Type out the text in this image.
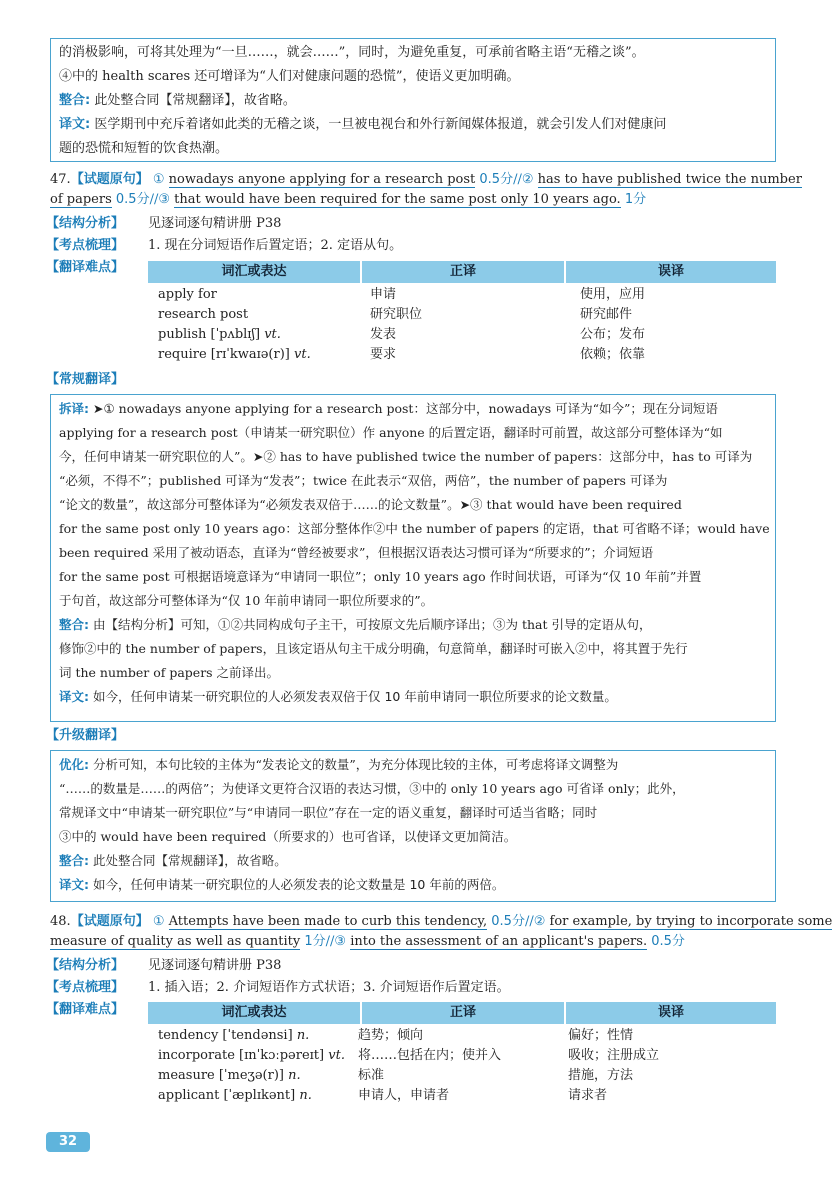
的消极影响，可将其处理为“一旦……，就会……”，同时，为避免重复，可承前省略主语“无稽之谈”。
④中的 health scares 还可增译为“人们对健康问题的恐慌”，使语义更加明确。
整合: 此处整合同【常规翻译】，故省略。
译文: 医学期刊中充斥着诸如此类的无稽之谈，一旦被电视台和外行新闻媒体报道，就会引发人们对健康问
题的恐慌和短暂的饮食热潮。
47.【试题原句】 ① nowadays anyone applying for a research post 0.5分//② has to have published twice the number
of papers 0.5分//③ that would have been required for the same post only 10 years ago. 1分
【结构分析】 见逐词逐句精讲册 P38
【考点梳理】 1. 现在分词短语作后置定语；2. 定语从句。
【翻译难点】	词汇或表达	正译	误译
apply for	申请	使用，应用
research post	研究职位	研究邮件
publish [ˈpʌblɪʃ] vt.	发表	公布；发布
require [rɪˈkwaɪə(r)] vt.	要求	依赖；依靠
【常规翻译】
拆译: ➤① nowadays anyone applying for a research post：这部分中，nowadays 可译为“如今”；现在分词短语
applying for a research post（申请某一研究职位）作 anyone 的后置定语，翻译时可前置，故这部分可整体译为“如
今，任何申请某一研究职位的人”。➤② has to have published twice the number of papers：这部分中，has to 可译为
“必须，不得不”；published 可译为“发表”；twice 在此表示“双倍，两倍”，the number of papers 可译为
“论文的数量”，故这部分可整体译为“必须发表双倍于……的论文数量”。➤③ that would have been required
for the same post only 10 years ago：这部分整体作②中 the number of papers 的定语，that 可省略不译；would have
been required 采用了被动语态，直译为“曾经被要求”，但根据汉语表达习惯可译为“所要求的”；介词短语
for the same post 可根据语境意译为“申请同一职位”；only 10 years ago 作时间状语，可译为“仅 10 年前”并置
于句首，故这部分可整体译为“仅 10 年前申请同一职位所要求的”。
整合: 由【结构分析】可知，①②共同构成句子主干，可按原文先后顺序译出；③为 that 引导的定语从句，
修饰②中的 the number of papers，且该定语从句主干成分明确，句意简单，翻译时可嵌入②中，将其置于先行
词 the number of papers 之前译出。
译文: 如今，任何申请某一研究职位的人必须发表双倍于仅 10 年前申请同一职位所要求的论文数量。
【升级翻译】
优化: 分析可知，本句比较的主体为“发表论文的数量”，为充分体现比较的主体，可考虑将译文调整为
“……的数量是……的两倍”；为使译文更符合汉语的表达习惯，③中的 only 10 years ago 可省译 only；此外，
常规译文中“申请某一研究职位”与“申请同一职位”存在一定的语义重复，翻译时可适当省略；同时
③中的 would have been required（所要求的）也可省译，以使译文更加简洁。
整合: 此处整合同【常规翻译】，故省略。
译文: 如今，任何申请某一研究职位的人必须发表的论文数量是 10 年前的两倍。
48.【试题原句】 ① Attempts have been made to curb this tendency, 0.5分//② for example, by trying to incorporate some
measure of quality as well as quantity 1分//③ into the assessment of an applicant's papers. 0.5分
【结构分析】 见逐词逐句精讲册 P38
【考点梳理】 1. 插入语；2. 介词短语作方式状语；3. 介词短语作后置定语。
【翻译难点】	词汇或表达	正译	误译
tendency [ˈtendənsi] n.	趋势；倾向	偏好；性情
incorporate [ɪnˈkɔːpəreɪt] vt. 将……包括在内；使并入	吸收；注册成立
measure [ˈmeʒə(r)] n.	标准	措施，方法
applicant [ˈæplɪkənt] n.	申请人，申请者	请求者
32
